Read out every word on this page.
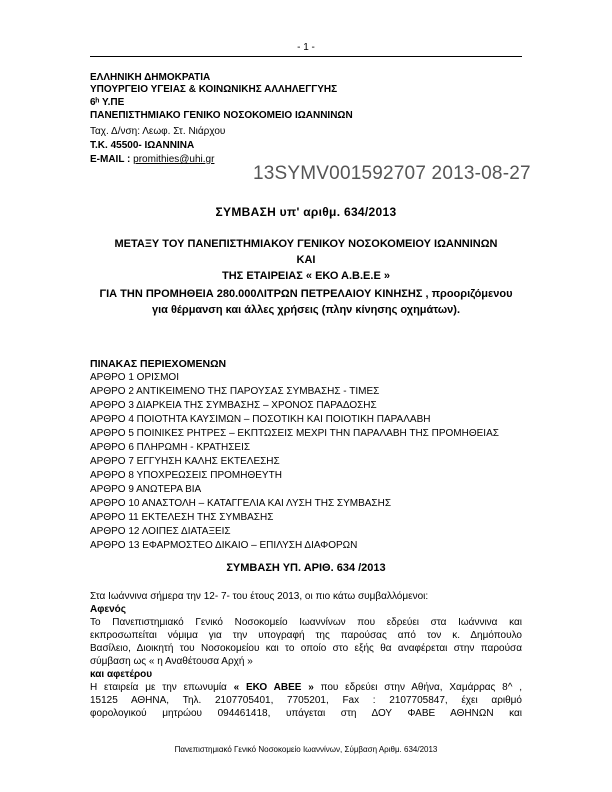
- 1 -
ΕΛΛΗΝΙΚΗ ΔΗΜΟΚΡΑΤΙΑ
ΥΠΟΥΡΓΕΙΟ ΥΓΕΙΑΣ & ΚΟΙΝΩΝΙΚΗΣ ΑΛΛΗΛΕΓΓΥΗΣ
6ʰ Υ.ΠΕ
ΠΑΝΕΠΙΣΤΗΜΙΑΚΟ ΓΕΝΙΚΟ ΝΟΣΟΚΟΜΕΙΟ ΙΩΑΝΝΙΝΩΝ
Ταχ. Δ/νση: Λεωφ. Στ. Νιάρχου
Τ.Κ. 45500- ΙΩΑΝΝΙΝΑ
E-MAIL : promithies@uhi.gr
13SYMV001592707 2013-08-27
ΣΥΜΒΑΣΗ υπ' αριθμ. 634/2013
ΜΕΤΑΞΥ ΤΟΥ ΠΑΝΕΠΙΣΤΗΜΙΑΚΟΥ ΓΕΝΙΚΟΥ ΝΟΣΟΚΟΜΕΙΟΥ ΙΩΑΝΝΙΝΩΝ
ΚΑΙ
ΤΗΣ ΕΤΑΙΡΕΙΑΣ « ΕΚΟ Α.Β.Ε.Ε »
ΓΙΑ ΤΗΝ ΠΡΟΜΗΘΕΙΑ 280.000ΛΙΤΡΩΝ ΠΕΤΡΕΛΑΙΟΥ ΚΙΝΗΣΗΣ , προοριζόμενου
για θέρμανση και άλλες χρήσεις (πλην κίνησης οχημάτων).
ΠΙΝΑΚΑΣ ΠΕΡΙΕΧΟΜΕΝΩΝ
ΑΡΘΡΟ 1 ΟΡΙΣΜΟΙ
ΑΡΘΡΟ 2 ΑΝΤΙΚΕΙΜΕΝΟ ΤΗΣ ΠΑΡΟΥΣΑΣ ΣΥΜΒΑΣΗΣ - ΤΙΜΕΣ
ΑΡΘΡΟ 3 ΔΙΑΡΚΕΙΑ ΤΗΣ ΣΥΜΒΑΣΗΣ – ΧΡΟΝΟΣ ΠΑΡΑΔΟΣΗΣ
ΑΡΘΡΟ 4 ΠΟΙΟΤΗΤΑ ΚΑΥΣΙΜΩΝ – ΠΟΣΟΤΙΚΗ ΚΑΙ ΠΟΙΟΤΙΚΗ ΠΑΡΑΛΑΒΗ
ΑΡΘΡΟ 5 ΠΟΙΝΙΚΕΣ ΡΗΤΡΕΣ – ΕΚΠΤΩΣΕΙΣ ΜΕΧΡΙ ΤΗΝ ΠΑΡΑΛΑΒΗ ΤΗΣ ΠΡΟΜΗΘΕΙΑΣ
ΑΡΘΡΟ 6 ΠΛΗΡΩΜΗ - ΚΡΑΤΗΣΕΙΣ
ΑΡΘΡΟ 7 ΕΓΓΥΗΣΗ ΚΑΛΗΣ ΕΚΤΕΛΕΣΗΣ
ΑΡΘΡΟ 8 ΥΠΟΧΡΕΩΣΕΙΣ ΠΡΟΜΗΘΕΥΤΗ
ΑΡΘΡΟ 9 ΑΝΩΤΕΡΑ ΒΙΑ
ΑΡΘΡΟ 10 ΑΝΑΣΤΟΛΗ – ΚΑΤΑΓΓΕΛΙΑ ΚΑΙ ΛΥΣΗ ΤΗΣ ΣΥΜΒΑΣΗΣ
ΑΡΘΡΟ 11 ΕΚΤΕΛΕΣΗ ΤΗΣ ΣΥΜΒΑΣΗΣ
ΑΡΘΡΟ 12 ΛΟΙΠΕΣ ΔΙΑΤΑΞΕΙΣ
ΑΡΘΡΟ 13 ΕΦΑΡΜΟΣΤΕΟ ΔΙΚΑΙΟ – ΕΠΙΛΥΣΗ ΔΙΑΦΟΡΩΝ
ΣΥΜΒΑΣΗ ΥΠ. ΑΡΙΘ. 634 /2013
Στα Ιωάννινα σήμερα την 12- 7- του έτους 2013, οι πιο κάτω συμβαλλόμενοι:
Αφενός
Το Πανεπιστημιακό Γενικό Νοσοκομείο Ιωαννίνων που εδρεύει στα Ιωάννινα και
εκπροσωπείται νόμιμα για την υπογραφή της παρούσας από τον κ. Δημόπουλο
Βασίλειο, Διοικητή του Νοσοκομείου και το οποίο στο εξής θα αναφέρεται στην παρούσα
σύμβαση ως « η Αναθέτουσα Αρχή »
και αφετέρου
Η εταιρεία με την επωνυμία « ΕΚΟ ΑΒΕΕ » που εδρεύει στην Αθήνα, Χαμάρρας 8^ ,
15125 ΑΘΗΝΑ, Τηλ. 2107705401, 7705201, Fax : 2107705847, έχει αριθμό
φορολογικού μητρώου 094461418, υπάγεται στη ΔΟΥ ΦΑΒΕ ΑΘΗΝΩΝ και
Πανεπιστημιακό Γενικό Νοσοκομείο Ιωαννίνων, Σύμβαση Αριθμ. 634/2013
